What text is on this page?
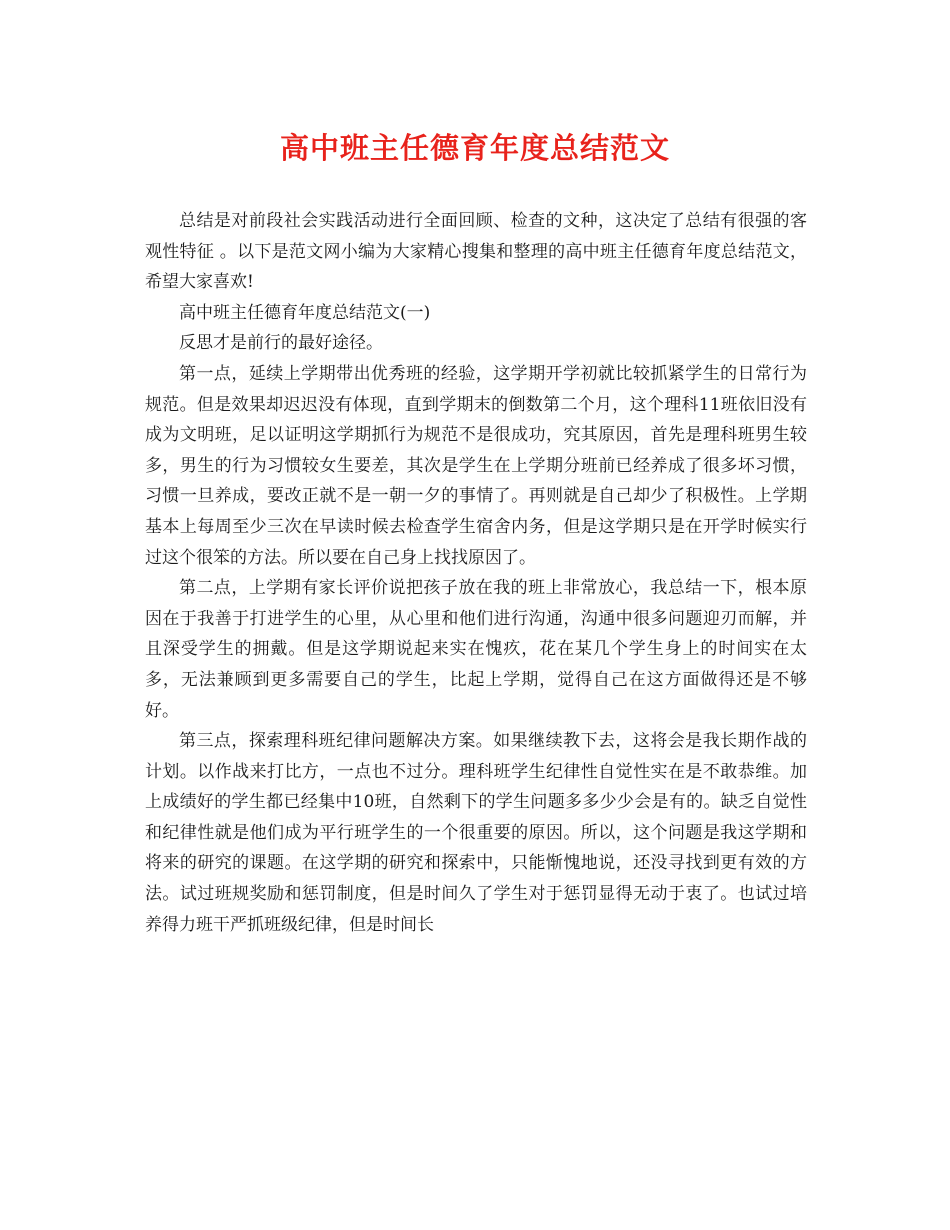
高中班主任德育年度总结范文

总结是对前段社会实践活动进行全面回顾、检查的文种，这决定了总结有很强的客观性特征 。以下是范文网小编为大家精心搜集和整理的高中班主任德育年度总结范文，希望大家喜欢!

高中班主任德育年度总结范文(一)

反思才是前行的最好途径。

第一点，延续上学期带出优秀班的经验，这学期开学初就比较抓紧学生的日常行为规范。但是效果却迟迟没有体现，直到学期末的倒数第二个月，这个理科11班依旧没有成为文明班，足以证明这学期抓行为规范不是很成功，究其原因，首先是理科班男生较多，男生的行为习惯较女生要差，其次是学生在上学期分班前已经养成了很多坏习惯，习惯一旦养成，要改正就不是一朝一夕的事情了。再则就是自己却少了积极性。上学期基本上每周至少三次在早读时候去检查学生宿舍内务，但是这学期只是在开学时候实行过这个很笨的方法。所以要在自己身上找找原因了。

第二点，上学期有家长评价说把孩子放在我的班上非常放心，我总结一下，根本原因在于我善于打进学生的心里，从心里和他们进行沟通，沟通中很多问题迎刃而解，并且深受学生的拥戴。但是这学期说起来实在愧疚，花在某几个学生身上的时间实在太多，无法兼顾到更多需要自己的学生，比起上学期，觉得自己在这方面做得还是不够好。

第三点，探索理科班纪律问题解决方案。如果继续教下去，这将会是我长期作战的计划。以作战来打比方，一点也不过分。理科班学生纪律性自觉性实在是不敢恭维。加上成绩好的学生都已经集中10班，自然剩下的学生问题多多少少会是有的。缺乏自觉性和纪律性就是他们成为平行班学生的一个很重要的原因。所以，这个问题是我这学期和将来的研究的课题。在这学期的研究和探索中，只能惭愧地说，还没寻找到更有效的方法。试过班规奖励和惩罚制度，但是时间久了学生对于惩罚显得无动于衷了。也试过培养得力班干严抓班级纪律，但是时间长
